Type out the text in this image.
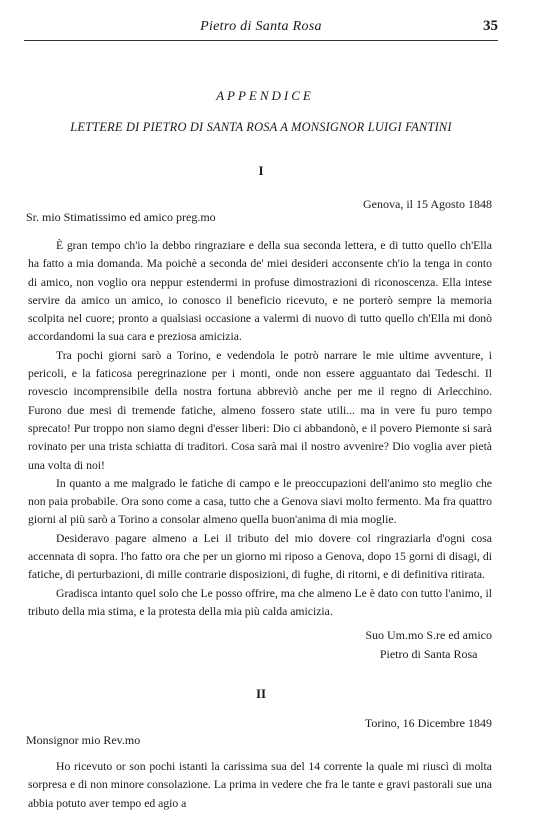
Pietro di Santa Rosa	35
APPENDICE
LETTERE DI PIETRO DI SANTA ROSA A MONSIGNOR LUIGI FANTINI
I
Genova, il 15 Agosto 1848
Sr. mio Stimatissimo ed amico preg.mo

È gran tempo ch'io la debbo ringraziare e della sua seconda lettera, e di tutto quello ch'Ella ha fatto a mia domanda. Ma poichè a seconda de' miei desideri acconsente ch'io la tenga in conto di amico, non voglio ora neppur estendermi in profuse dimostrazioni di riconoscenza. Ella intese servire da amico un amico, io conosco il beneficio ricevuto, e ne porterò sempre la memoria scolpita nel cuore; pronto a qualsiasi occasione a valermi di nuovo di tutto quello ch'Ella mi donò accordandomi la sua cara e preziosa amicizia.

Tra pochi giorni sarò a Torino, e vedendola le potrò narrare le mie ultime avventure, i pericoli, e la faticosa peregrinazione per i monti, onde non essere agguantato dai Tedeschi. Il rovescio incomprensibile della nostra fortuna abbreviò anche per me il regno di Arlecchino. Furono due mesi di tremende fatiche, almeno fossero state utili... ma in vere fu puro tempo sprecato! Pur troppo non siamo degni d'esser liberi: Dio ci abbandonò, e il povero Piemonte si sarà rovinato per una trista schiatta di traditori. Cosa sarà mai il nostro avvenire? Dio voglia aver pietà una volta di noi!

In quanto a me malgrado le fatiche di campo e le preoccupazioni dell'animo sto meglio che non paia probabile. Ora sono come a casa, tutto che a Genova siavi molto fermento. Ma fra quattro giorni al più sarò a Torino a consolar almeno quella buon'anima di mia moglie.

Desideravo pagare almeno a Lei il tributo del mio dovere col ringraziarla d'ogni cosa accennata di sopra. l'ho fatto ora che per un giorno mi riposo a Genova, dopo 15 gorni di disagi, di fatiche, di perturbazioni, di mille contrarie disposizioni, di fughe, di ritorni, e di definitiva ritirata.

Gradisca intanto quel solo che Le posso offrire, ma che almeno Le è dato con tutto l'animo, il tributo della mia stima, e la protesta della mia più calda amicizia.

Suo Um.mo S.re ed amico
Pietro di Santa Rosa
II
Torino, 16 Dicembre 1849
Monsignor mio Rev.mo

Ho ricevuto or son pochi istanti la carissima sua del 14 corrente la quale mi riuscì di molta sorpresa e di non minore consolazione. La prima in vedere che fra le tante e gravi pastorali sue una abbia potuto aver tempo ed agio a
